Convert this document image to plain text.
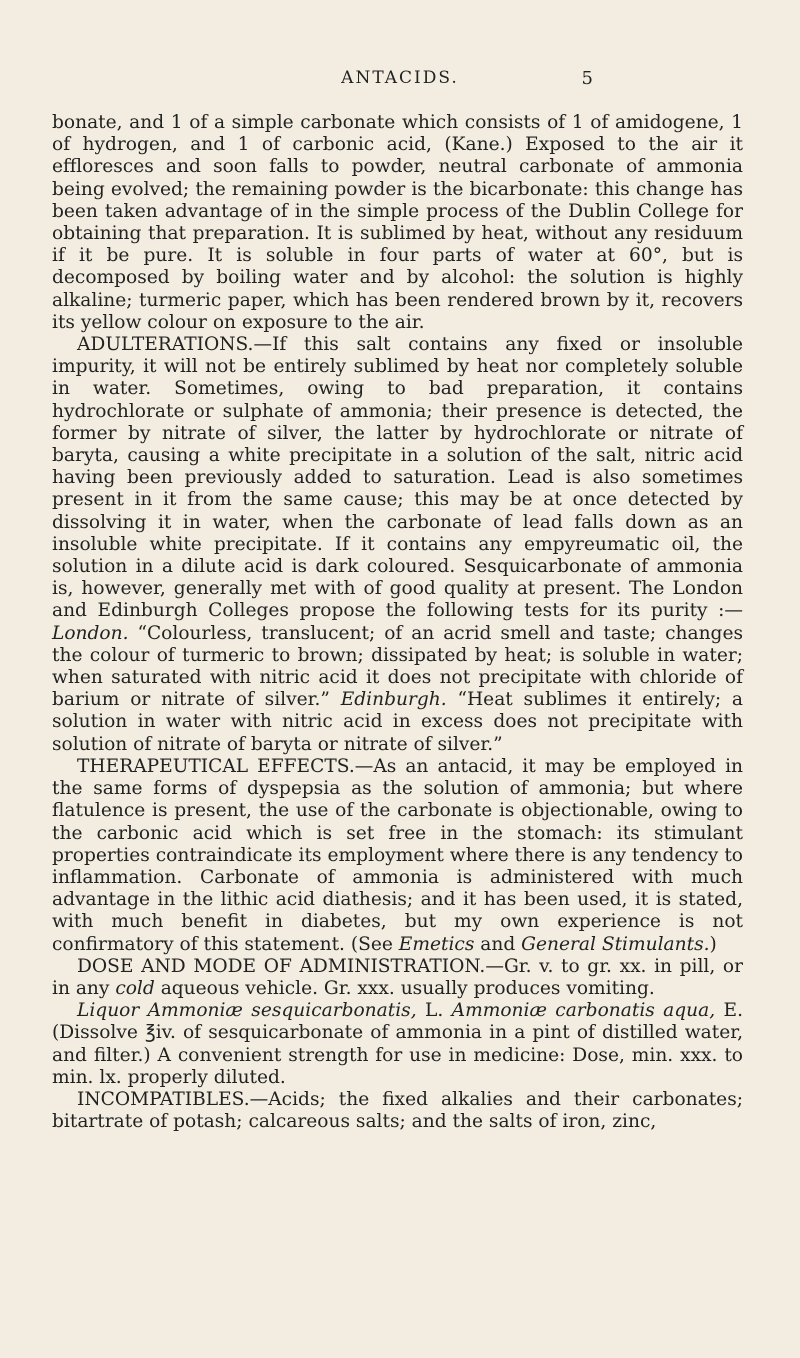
ANTACIDS.	5

bonate, and 1 of a simple carbonate which consists of 1 of amidogene, 1 of hydrogen, and 1 of carbonic acid, (Kane.) Exposed to the air it effloresces and soon falls to powder, neutral carbonate of ammonia being evolved; the remaining powder is the bicarbonate: this change has been taken advantage of in the simple process of the Dublin College for obtaining that preparation. It is sublimed by heat, without any residuum if it be pure. It is soluble in four parts of water at 60°, but is decomposed by boiling water and by alcohol: the solution is highly alkaline; turmeric paper, which has been rendered brown by it, recovers its yellow colour on exposure to the air.

ADULTERATIONS.—If this salt contains any fixed or insoluble impurity, it will not be entirely sublimed by heat nor completely soluble in water. Sometimes, owing to bad preparation, it contains hydrochlorate or sulphate of ammonia; their presence is detected, the former by nitrate of silver, the latter by hydrochlorate or nitrate of baryta, causing a white precipitate in a solution of the salt, nitric acid having been previously added to saturation. Lead is also sometimes present in it from the same cause; this may be at once detected by dissolving it in water, when the carbonate of lead falls down as an insoluble white precipitate. If it contains any empyreumatic oil, the solution in a dilute acid is dark coloured. Sesquicarbonate of ammonia is, however, generally met with of good quality at present. The London and Edinburgh Colleges propose the following tests for its purity :—London. “Colourless, translucent; of an acrid smell and taste; changes the colour of turmeric to brown; dissipated by heat; is soluble in water; when saturated with nitric acid it does not precipitate with chloride of barium or nitrate of silver.” Edinburgh. “Heat sublimes it entirely; a solution in water with nitric acid in excess does not precipitate with solution of nitrate of baryta or nitrate of silver.”

THERAPEUTICAL EFFECTS.—As an antacid, it may be employed in the same forms of dyspepsia as the solution of ammonia; but where flatulence is present, the use of the carbonate is objectionable, owing to the carbonic acid which is set free in the stomach: its stimulant properties contraindicate its employment where there is any tendency to inflammation. Carbonate of ammonia is administered with much advantage in the lithic acid diathesis; and it has been used, it is stated, with much benefit in diabetes, but my own experience is not confirmatory of this statement. (See Emetics and General Stimulants.)

DOSE AND MODE OF ADMINISTRATION.—Gr. v. to gr. xx. in pill, or in any cold aqueous vehicle. Gr. xxx. usually produces vomiting.

Liquor Ammoniæ sesquicarbonatis, L. Ammoniæ carbonatis aqua, E. (Dissolve ℥iv. of sesquicarbonate of ammonia in a pint of distilled water, and filter.) A convenient strength for use in medicine: Dose, min. xxx. to min. lx. properly diluted.

INCOMPATIBLES.—Acids; the fixed alkalies and their carbonates; bitartrate of potash; calcareous salts; and the salts of iron, zinc,
